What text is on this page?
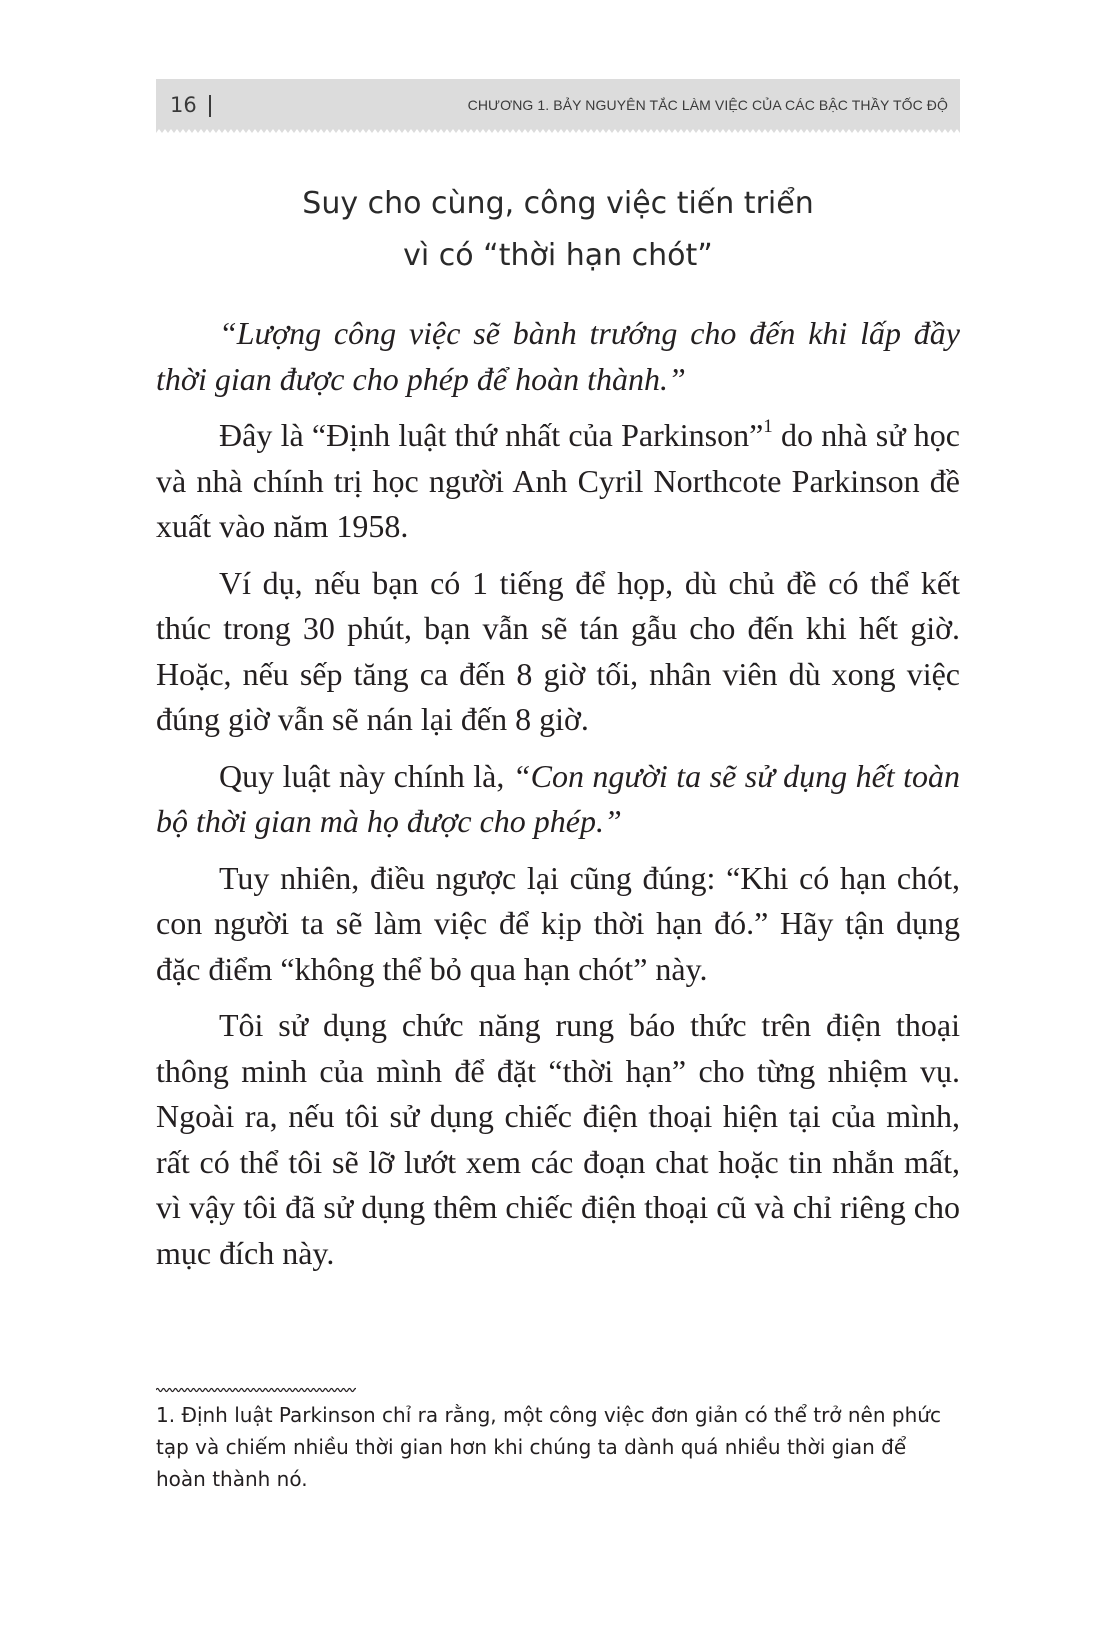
16	CHƯƠNG 1. BẢY NGUYÊN TẮC LÀM VIỆC CỦA CÁC BẬC THẦY TỐC ĐỘ
Suy cho cùng, công việc tiến triển
vì có “thời hạn chót”

“Lượng công việc sẽ bành trướng cho đến khi lấp đầy thời gian được cho phép để hoàn thành.”

Đây là “Định luật thứ nhất của Parkinson”$^1$ do nhà sử học và nhà chính trị học người Anh Cyril Northcote Parkinson đề xuất vào năm 1958.

Ví dụ, nếu bạn có 1 tiếng để họp, dù chủ đề có thể kết thúc trong 30 phút, bạn vẫn sẽ tán gẫu cho đến khi hết giờ. Hoặc, nếu sếp tăng ca đến 8 giờ tối, nhân viên dù xong việc đúng giờ vẫn sẽ nán lại đến 8 giờ.

Quy luật này chính là, “Con người ta sẽ sử dụng hết toàn bộ thời gian mà họ được cho phép.”

Tuy nhiên, điều ngược lại cũng đúng: “Khi có hạn chót, con người ta sẽ làm việc để kịp thời hạn đó.” Hãy tận dụng đặc điểm “không thể bỏ qua hạn chót” này.

Tôi sử dụng chức năng rung báo thức trên điện thoại thông minh của mình để đặt “thời hạn” cho từng nhiệm vụ. Ngoài ra, nếu tôi sử dụng chiếc điện thoại hiện tại của mình, rất có thể tôi sẽ lỡ lướt xem các đoạn chat hoặc tin nhắn mất, vì vậy tôi đã sử dụng thêm chiếc điện thoại cũ và chỉ riêng cho mục đích này.

1. Định luật Parkinson chỉ ra rằng, một công việc đơn giản có thể trở nên phức tạp và chiếm nhiều thời gian hơn khi chúng ta dành quá nhiều thời gian để hoàn thành nó.
